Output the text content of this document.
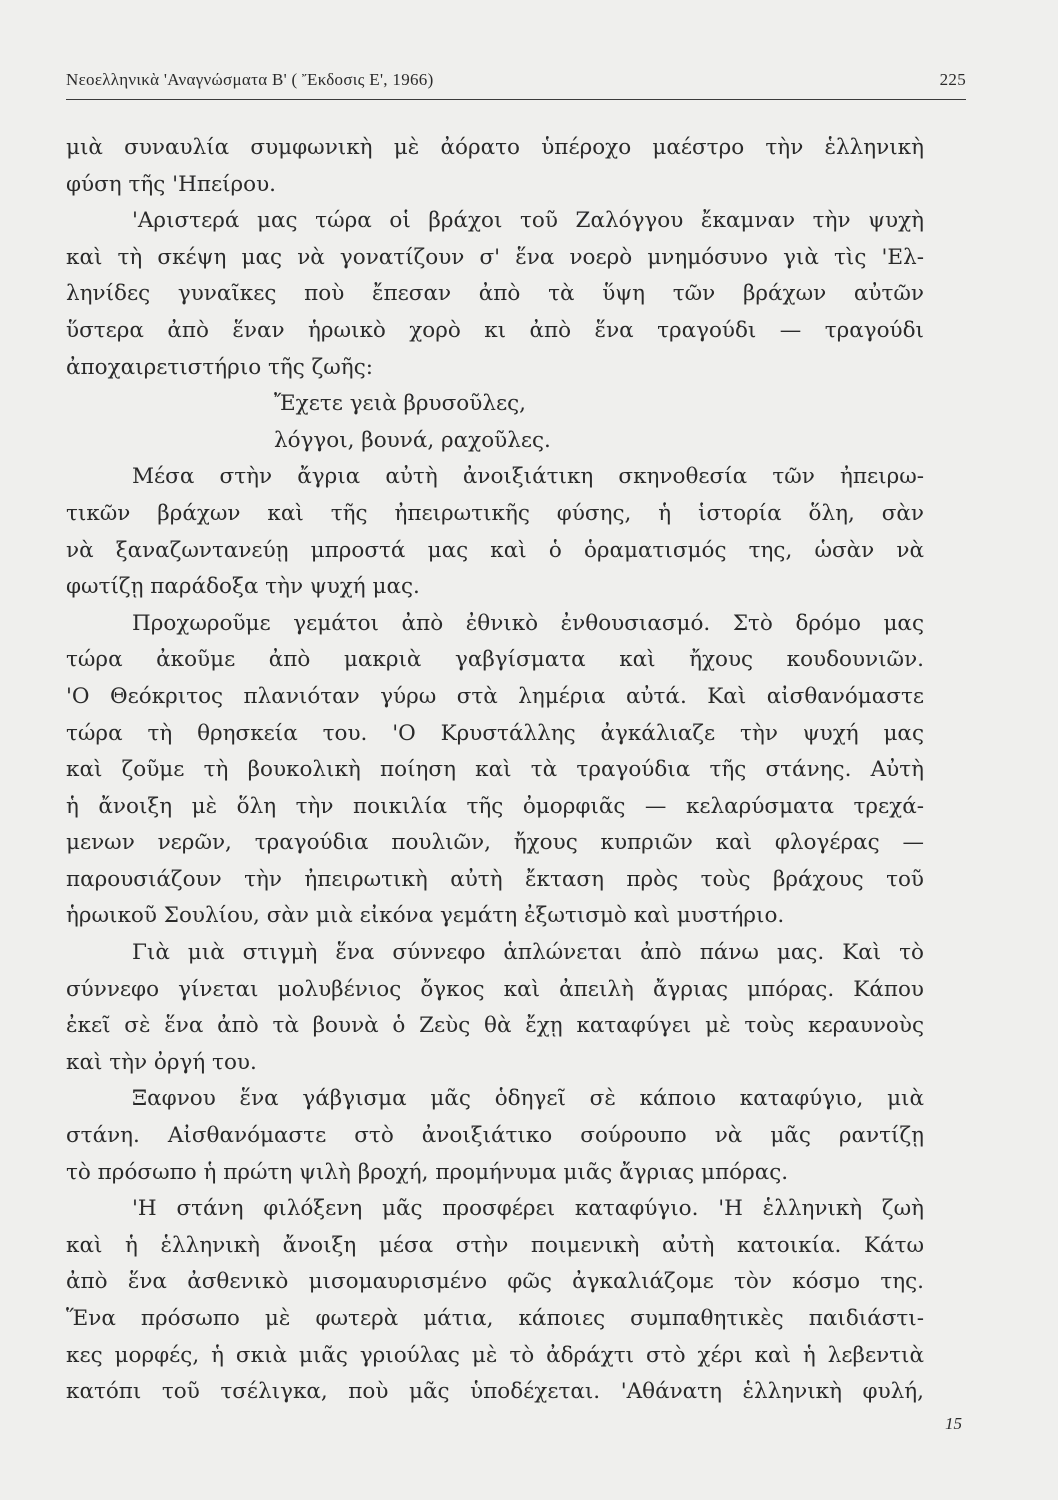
Νεοελληνικὰ 'Αναγνώσματα Β' ( Ἔκδοσις Ε', 1966)	225
μιὰ συναυλία συμφωνικὴ μὲ ἀόρατο ὑπέροχο μαέστρο τὴν ἑλληνικὴ
φύση τῆς 'Ηπείρου.
'Αριστερά μας τώρα οἱ βράχοι τοῦ Ζαλόγγου ἔκαμναν τὴν ψυχὴ
καὶ τὴ σκέψη μας νὰ γονατίζουν σ' ἕνα νοερὸ μνημόσυνο γιὰ τὶς 'Ελ-
ληνίδες γυναῖκες ποὺ ἔπεσαν ἀπὸ τὰ ὕψη τῶν βράχων αὐτῶν
ὕστερα ἀπὸ ἕναν ἡρωικὸ χορὸ κι ἀπὸ ἕνα τραγούδι — τραγούδι
ἀποχαιρετιστήριο τῆς ζωῆς:
Ἔχετε γειὰ βρυσοῦλες,
λόγγοι, βουνά, ραχοῦλες.
Μέσα στὴν ἄγρια αὐτὴ ἀνοιξιάτικη σκηνοθεσία τῶν ἠπειρω-
τικῶν βράχων καὶ τῆς ἠπειρωτικῆς φύσης, ἡ ἱστορία ὅλη, σὰν
νὰ ξαναζωντανεύῃ μπροστά μας καὶ ὁ ὁραματισμός της, ὡσὰν νὰ
φωτίζῃ παράδοξα τὴν ψυχή μας.
Προχωροῦμε γεμάτοι ἀπὸ ἐθνικὸ ἐνθουσιασμό. Στὸ δρόμο μας
τώρα ἀκοῦμε ἀπὸ μακριὰ γαβγίσματα καὶ ἤχους κουδουνιῶν.
'Ο Θεόκριτος πλανιόταν γύρω στὰ λημέρια αὐτά. Καὶ αἰσθανόμαστε
τώρα τὴ θρησκεία του. 'Ο Κρυστάλλης ἀγκάλιαζε τὴν ψυχή μας
καὶ ζοῦμε τὴ βουκολικὴ ποίηση καὶ τὰ τραγούδια τῆς στάνης. Αὐτὴ
ἡ ἄνοιξη μὲ ὅλη τὴν ποικιλία τῆς ὀμορφιᾶς — κελαρύσματα τρεχά-
μενων νερῶν, τραγούδια πουλιῶν, ἤχους κυπριῶν καὶ φλογέρας —
παρουσιάζουν τὴν ἠπειρωτικὴ αὐτὴ ἔκταση πρὸς τοὺς βράχους τοῦ
ἡρωικοῦ Σουλίου, σὰν μιὰ εἰκόνα γεμάτη ἐξωτισμὸ καὶ μυστήριο.
Γιὰ μιὰ στιγμὴ ἕνα σύννεφο ἁπλώνεται ἀπὸ πάνω μας. Καὶ τὸ
σύννεφο γίνεται μολυβένιος ὄγκος καὶ ἀπειλὴ ἄγριας μπόρας. Κάπου
ἐκεῖ σὲ ἕνα ἀπὸ τὰ βουνὰ ὁ Ζεὺς θὰ ἔχῃ καταφύγει μὲ τοὺς κεραυνοὺς
καὶ τὴν ὀργή του.
Ξαφνου ἕνα γάβγισμα μᾶς ὁδηγεῖ σὲ κάποιο καταφύγιο, μιὰ
στάνη. Αἰσθανόμαστε στὸ ἀνοιξιάτικο σούρουπο νὰ μᾶς ραντίζῃ
τὸ πρόσωπο ἡ πρώτη ψιλὴ βροχή, προμήνυμα μιᾶς ἄγριας μπόρας.
'Η στάνη φιλόξενη μᾶς προσφέρει καταφύγιο. 'Η ἑλληνικὴ ζωὴ
καὶ ἡ ἑλληνικὴ ἄνοιξη μέσα στὴν ποιμενικὴ αὐτὴ κατοικία. Κάτω
ἀπὸ ἕνα ἀσθενικὸ μισομαυρισμένο φῶς ἀγκαλιάζομε τὸν κόσμο της.
Ἕνα πρόσωπο μὲ φωτερὰ μάτια, κάποιες συμπαθητικὲς παιδιάστι-
κες μορφές, ἡ σκιὰ μιᾶς γριούλας μὲ τὸ ἀδράχτι στὸ χέρι καὶ ἡ λεβεντιὰ
κατόπι τοῦ τσέλιγκα, ποὺ μᾶς ὑποδέχεται. 'Αθάνατη ἑλληνικὴ φυλή,
15
